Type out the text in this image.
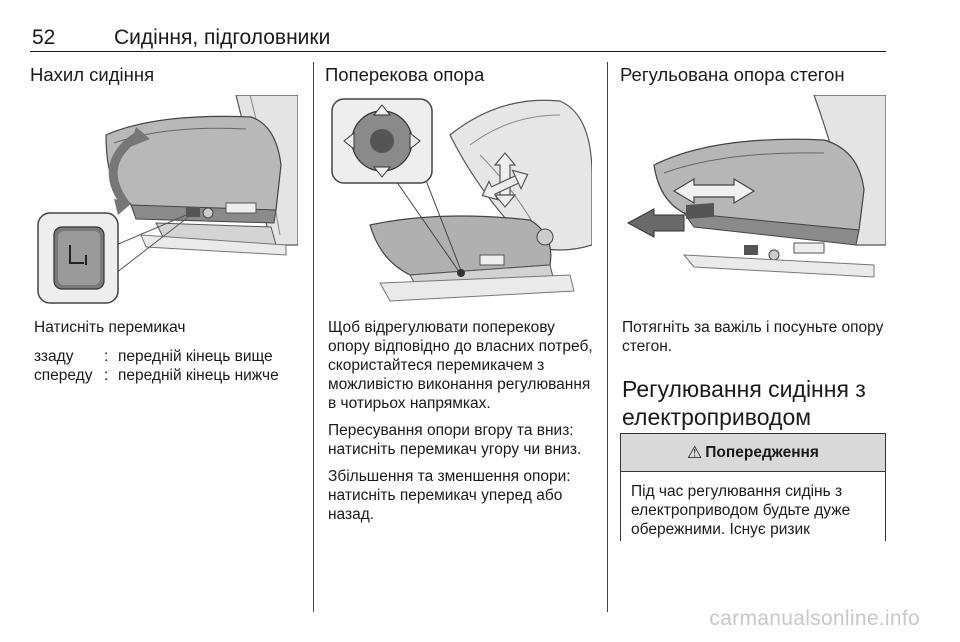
52	Сидіння, підголовники
Нахил сидіння	Поперекова опора	Регульована опора стегон
Натисніть перемикач
ззаду	:	передній кінець вище
спереду	:	передній кінець нижче

Щоб відрегулювати поперекову опору відповідно до власних потреб, скористайтеся перемикачем з можливістю виконання регулювання в чотирьох напрямках.

Пересування опори вгору та вниз: натисніть перемикач угору чи вниз.

Збільшення та зменшення опори: натисніть перемикач уперед або назад.

Потягніть за важіль і посуньте опору стегон.

Регулювання сидіння з електроприводом
⚠ Попередження
Під час регулювання сидінь з електроприводом будьте дуже обережними. Існує ризик
carmanualsonline.info
